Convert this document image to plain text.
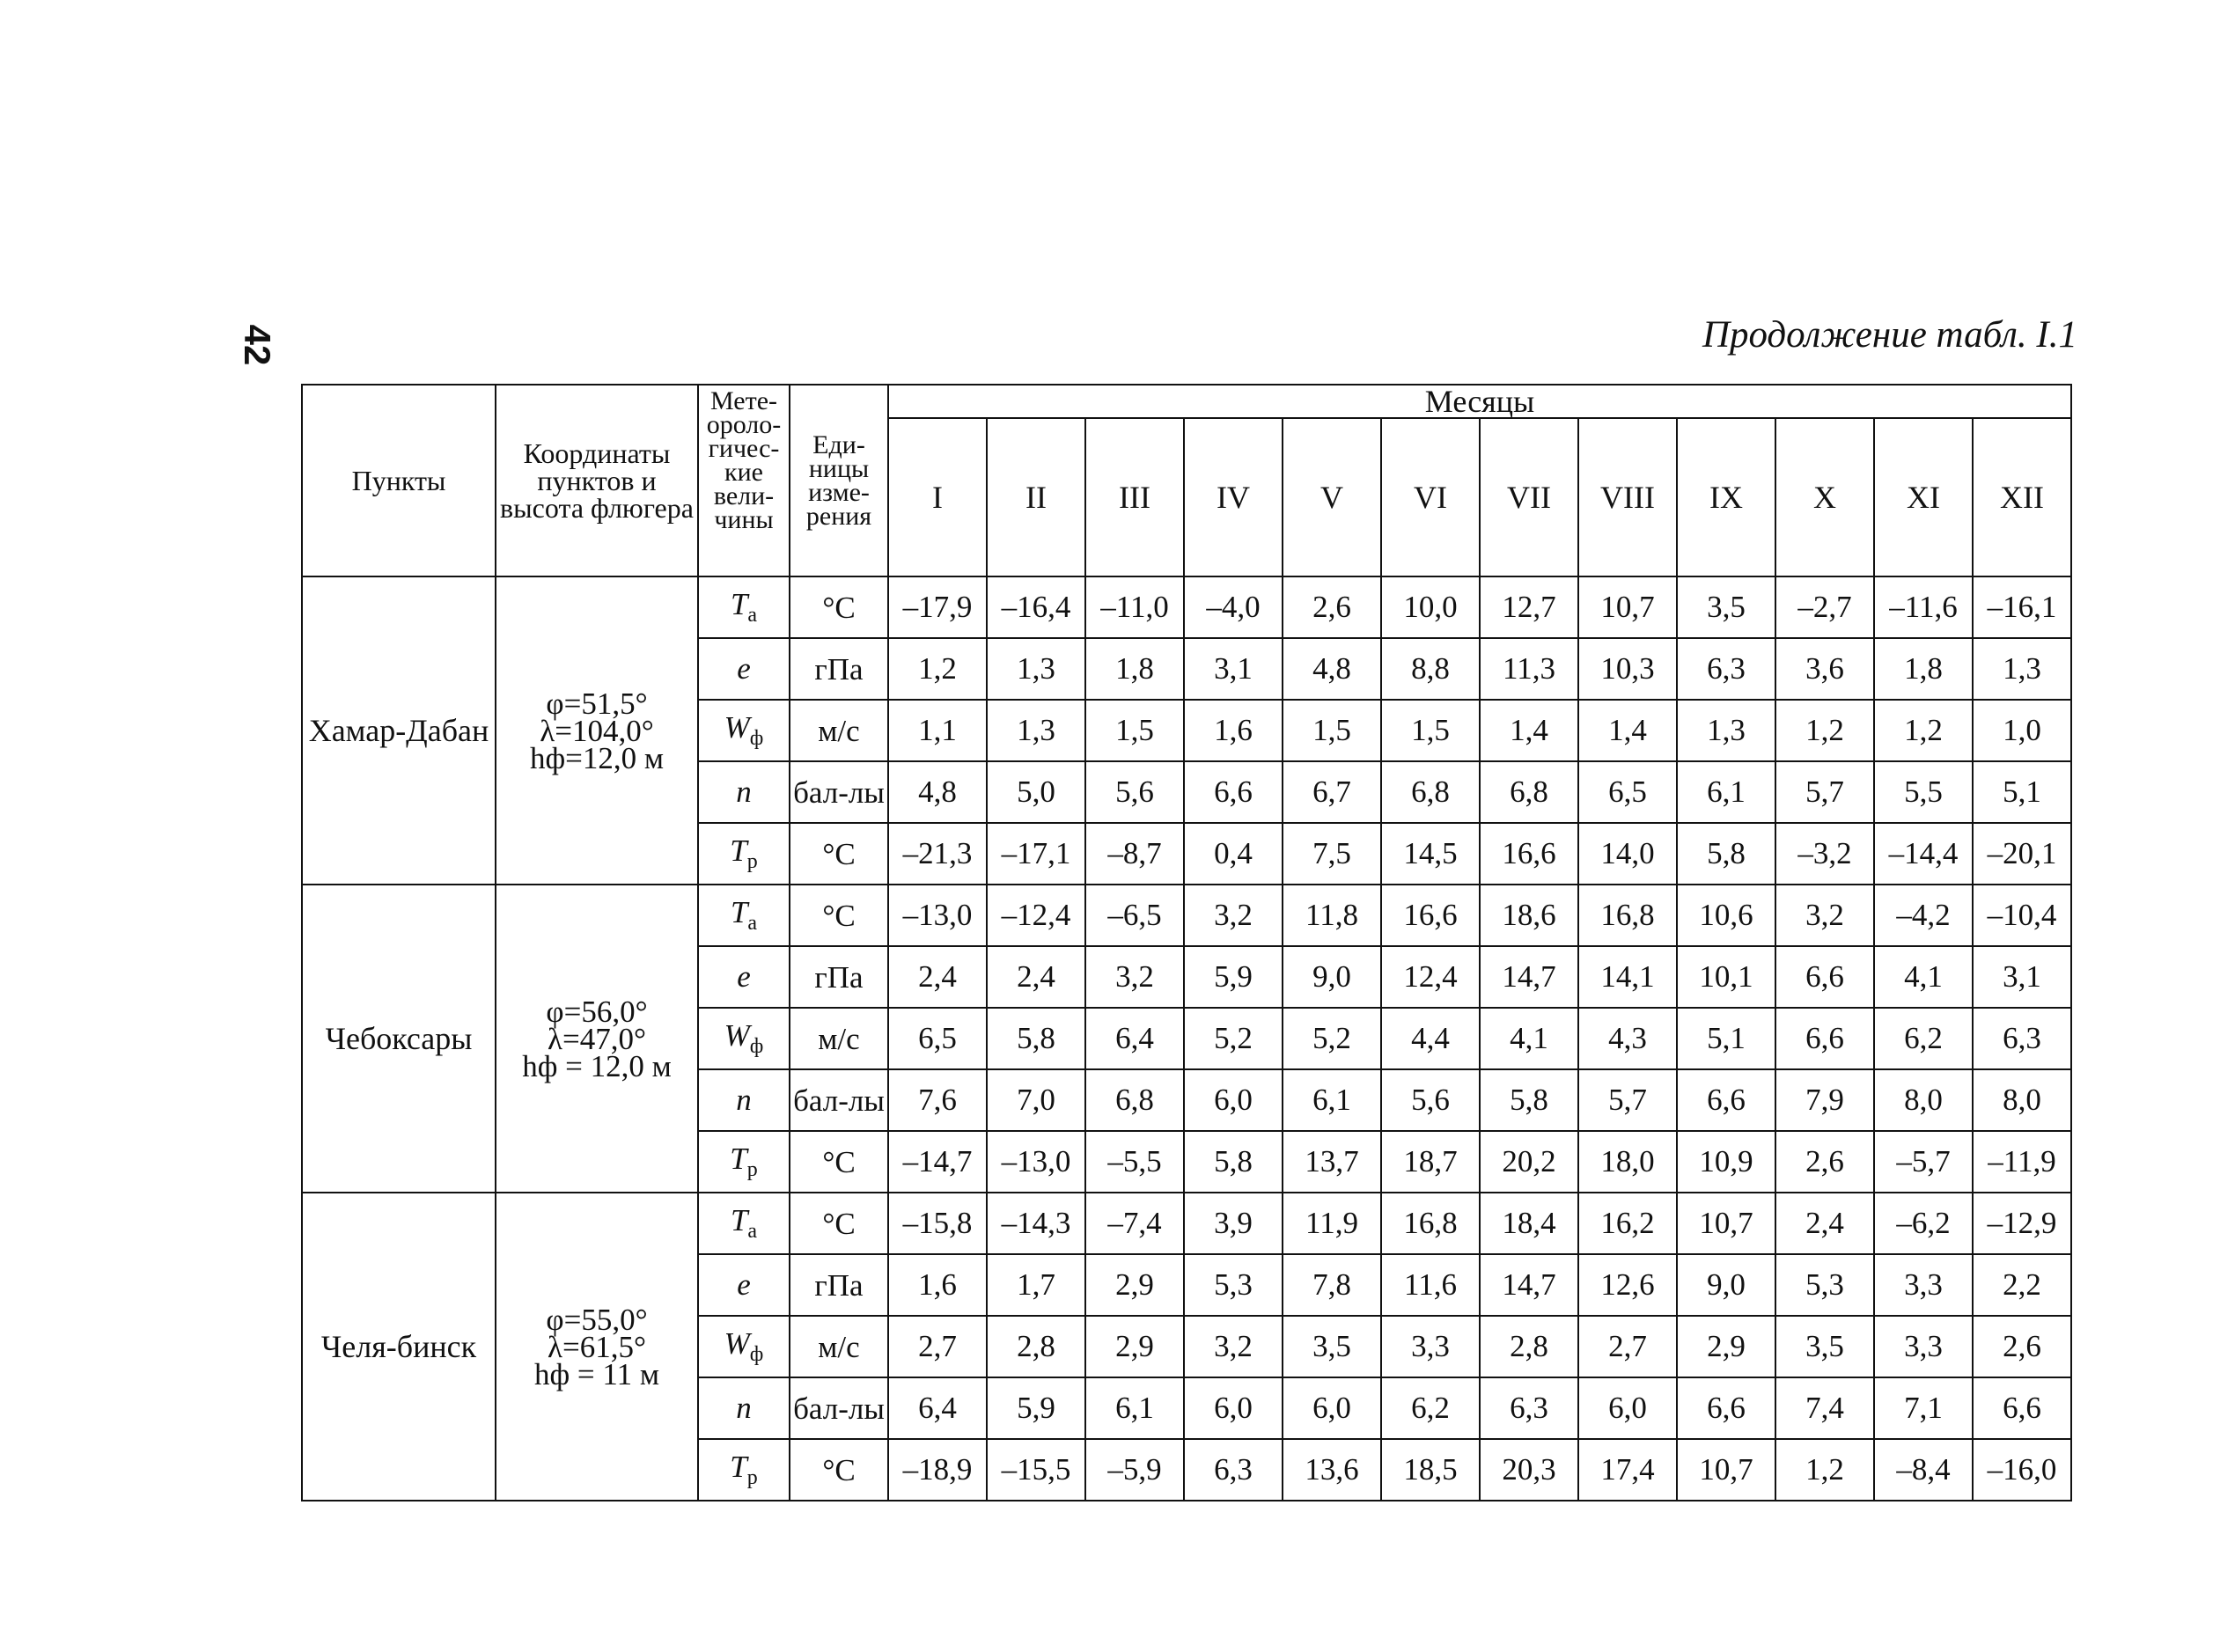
42	Продолжение табл. I.1
Пункты	Координаты пунктов и высота флюгера	Мете-ороло-гичес-кие вели-чины	Еди-ницы изме-рения	Месяцы											
				I	II	III	IV	V	VI	VII	VIII	IX	X	XI	XII
Хамар-Дабан	φ=51,5°
λ=104,0°
hф=12,0 м	$T_a$	°C	–17,9	–16,4	–11,0	–4,0	2,6	10,0	12,7	10,7	3,5	–2,7	–11,6	–16,1
		e	гПа	1,2	1,3	1,8	3,1	4,8	8,8	11,3	10,3	6,3	3,6	1,8	1,3
		$W_ф$	м/с	1,1	1,3	1,5	1,6	1,5	1,5	1,4	1,4	1,3	1,2	1,2	1,0
		n	бал-лы	4,8	5,0	5,6	6,6	6,7	6,8	6,8	6,5	6,1	5,7	5,5	5,1
		$T_р$	°C	–21,3	–17,1	–8,7	0,4	7,5	14,5	16,6	14,0	5,8	–3,2	–14,4	–20,1
Чебоксары	φ=56,0°
λ=47,0°
hф = 12,0 м	$T_a$	°C	–13,0	–12,4	–6,5	3,2	11,8	16,6	18,6	16,8	10,6	3,2	–4,2	–10,4
		e	гПа	2,4	2,4	3,2	5,9	9,0	12,4	14,7	14,1	10,1	6,6	4,1	3,1
		$W_ф$	м/с	6,5	5,8	6,4	5,2	5,2	4,4	4,1	4,3	5,1	6,6	6,2	6,3
		n	бал-лы	7,6	7,0	6,8	6,0	6,1	5,6	5,8	5,7	6,6	7,9	8,0	8,0
		$T_р$	°C	–14,7	–13,0	–5,5	5,8	13,7	18,7	20,2	18,0	10,9	2,6	–5,7	–11,9
Челя-бинск	φ=55,0°
λ=61,5°
hф = 11 м	$T_a$	°C	–15,8	–14,3	–7,4	3,9	11,9	16,8	18,4	16,2	10,7	2,4	–6,2	–12,9
		e	гПа	1,6	1,7	2,9	5,3	7,8	11,6	14,7	12,6	9,0	5,3	3,3	2,2
		$W_ф$	м/с	2,7	2,8	2,9	3,2	3,5	3,3	2,8	2,7	2,9	3,5	3,3	2,6
		n	бал-лы	6,4	5,9	6,1	6,0	6,0	6,2	6,3	6,0	6,6	7,4	7,1	6,6
		$T_р$	°C	–18,9	–15,5	–5,9	6,3	13,6	18,5	20,3	17,4	10,7	1,2	–8,4	–16,0
